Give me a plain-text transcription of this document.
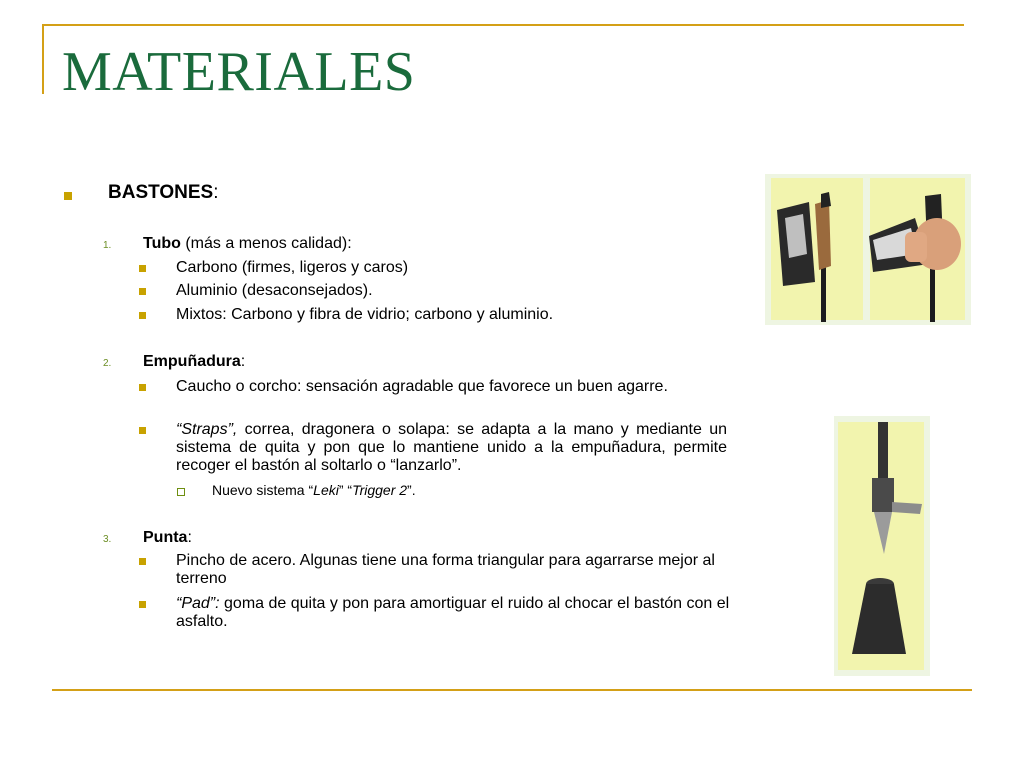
MATERIALES

BASTONES:

1. Tubo (más a menos calidad):

Carbono (firmes, ligeros y caros)

Aluminio (desaconsejados).

Mixtos: Carbono y fibra de vidrio; carbono y aluminio.

2. Empuñadura:

Caucho o corcho: sensación agradable que favorece un buen agarre.

“Straps”, correa, dragonera o solapa: se adapta a la mano y mediante un sistema de quita y pon que lo mantiene unido a la empuñadura, permite recoger el bastón al soltarlo o “lanzarlo”.

Nuevo sistema “Leki” “Trigger 2”.

3. Punta:

Pincho de acero. Algunas tiene una forma triangular para agarrarse mejor al terreno

“Pad”: goma de quita y pon para amortiguar el ruido al chocar el bastón con el asfalto.
